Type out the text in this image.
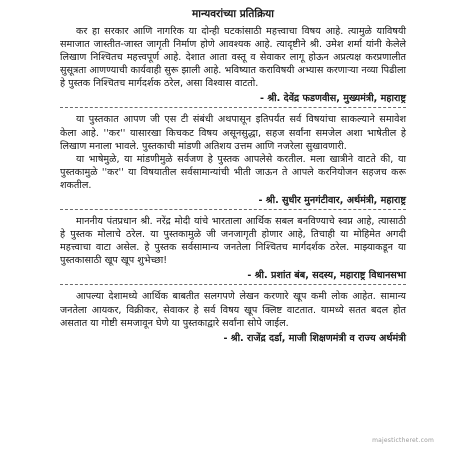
मान्यवरांच्या प्रतिक्रिया

कर हा सरकार आणि नागरिक या दोन्ही घटकांसाठी महत्त्वाचा विषय आहे. त्यामुळे याविषयी समाजात जास्तीत-जास्त जागृती निर्माण होणे आवश्यक आहे. त्यादृष्टीने श्री. उमेश शर्मा यांनी केलेले लिखाण निश्चितच महत्त्वपूर्ण आहे. देशात आता वस्तू व सेवाकर लागू होऊन अप्रत्यक्ष करप्रणालीत सुसूत्रता आणण्याची कार्यवाही सुरू झाली आहे. भविष्यात कराविषयी अभ्यास करणाऱ्या नव्या पिढीला हे पुस्तक निश्चितच मार्गदर्शक ठरेल, असा विश्वास वाटतो.

- श्री. देवेंद्र फडणवीस, मुख्यमंत्री, महाराष्ट्र

या पुस्तकात आपण जी एस टी संबंधी अथपासून इतिपर्यंत सर्व विषयांचा साकल्याने समावेश केला आहे. ''कर'' यासारखा किचकट विषय असूनसुद्धा, सहज सर्वांना समजेल अशा भाषेतील हे लिखाण मनाला भावले. पुस्तकाची मांडणी अतिशय उत्तम आणि नजरेला सुखावणारी.

या भाषेमुळे, या मांडणीमुळे सर्वजण हे पुस्तक आपलेसे करतील. मला खात्रीने वाटते की, या पुस्तकामुळे ''कर'' या विषयातील सर्वसामान्यांची भीती जाऊन ते आपले करनियोजन सहजच करू शकतील.

- श्री. सुधीर मुनगंटीवार, अर्थमंत्री, महाराष्ट्र

माननीय पंतप्रधान श्री. नरेंद्र मोदी यांचे भारताला आर्थिक सबल बनविण्याचे स्वप्न आहे, त्यासाठी हे पुस्तक मोलाचे ठरेल. या पुस्तकामुळे जी जनजागृती होणार आहे, तिचाही या मोहिमेत अगदी महत्त्वाचा वाटा असेल. हे पुस्तक सर्वसामान्य जनतेला निश्चितच मार्गदर्शक ठरेल. माझ्याकडून या पुस्तकासाठी खूप खूप शुभेच्छा!

- श्री. प्रशांत बंब, सदस्य, महाराष्ट्र विधानसभा

आपल्या देशामध्ये आर्थिक बाबतीत सलगपणे लेखन करणारे खूप कमी लोक आहेत. सामान्य जनतेला आयकर, विक्रीकर, सेवाकर हे सर्व विषय खूप क्लिष्ट वाटतात. यामध्ये सतत बदल होत असतात या गोष्टी समजावून घेणे या पुस्तकाद्वारे सर्वांना सोपे जाईल.

- श्री. राजेंद्र दर्डा, माजी शिक्षणमंत्री व राज्य अर्थमंत्री
majestictheret.com
